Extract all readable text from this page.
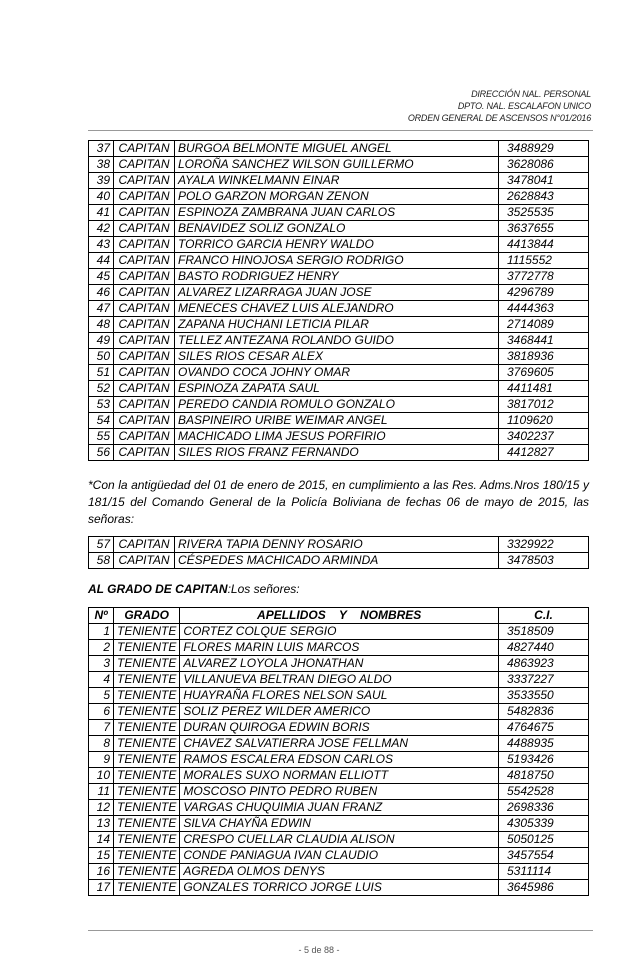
DIRECCIÓN NAL. PERSONAL
DPTO. NAL. ESCALAFON UNICO
ORDEN GENERAL DE ASCENSOS N°01/2016
37	CAPITAN	BURGOA BELMONTE MIGUEL ANGEL	3488929
38	CAPITAN	LOROÑA SANCHEZ WILSON GUILLERMO	3628086
39	CAPITAN	AYALA WINKELMANN EINAR	3478041
40	CAPITAN	POLO GARZON MORGAN ZENON	2628843
41	CAPITAN	ESPINOZA ZAMBRANA JUAN CARLOS	3525535
42	CAPITAN	BENAVIDEZ SOLIZ GONZALO	3637655
43	CAPITAN	TORRICO GARCIA HENRY WALDO	4413844
44	CAPITAN	FRANCO HINOJOSA SERGIO RODRIGO	1115552
45	CAPITAN	BASTO RODRIGUEZ HENRY	3772778
46	CAPITAN	ALVAREZ LIZARRAGA JUAN JOSE	4296789
47	CAPITAN	MENECES CHAVEZ LUIS ALEJANDRO	4444363
48	CAPITAN	ZAPANA HUCHANI LETICIA PILAR	2714089
49	CAPITAN	TELLEZ ANTEZANA ROLANDO GUIDO	3468441
50	CAPITAN	SILES RIOS CESAR ALEX	3818936
51	CAPITAN	OVANDO COCA JOHNY OMAR	3769605
52	CAPITAN	ESPINOZA ZAPATA SAUL	4411481
53	CAPITAN	PEREDO CANDIA ROMULO GONZALO	3817012
54	CAPITAN	BASPINEIRO URIBE WEIMAR ANGEL	1109620
55	CAPITAN	MACHICADO LIMA JESUS PORFIRIO	3402237
56	CAPITAN	SILES RIOS FRANZ FERNANDO	4412827
*Con la antigüedad del 01 de enero de 2015, en cumplimiento a las Res. Adms.Nros 180/15 y 181/15 del Comando General de la Policía Boliviana de fechas 06 de mayo de 2015, las señoras:
57	CAPITAN	RIVERA TAPIA DENNY ROSARIO	3329922
58	CAPITAN	CÉSPEDES MACHICADO ARMINDA	3478503
AL GRADO DE CAPITAN:Los señores:
Nº	GRADO	APELLIDOS    Y    NOMBRES	C.I.
1	TENIENTE	CORTEZ COLQUE SERGIO	3518509
2	TENIENTE	FLORES MARIN LUIS MARCOS	4827440
3	TENIENTE	ALVAREZ LOYOLA JHONATHAN	4863923
4	TENIENTE	VILLANUEVA BELTRAN DIEGO ALDO	3337227
5	TENIENTE	HUAYRAÑA FLORES NELSON SAUL	3533550
6	TENIENTE	SOLIZ PEREZ WILDER AMERICO	5482836
7	TENIENTE	DURAN QUIROGA EDWIN BORIS	4764675
8	TENIENTE	CHAVEZ SALVATIERRA JOSE FELLMAN	4488935
9	TENIENTE	RAMOS ESCALERA EDSON CARLOS	5193426
10	TENIENTE	MORALES SUXO NORMAN ELLIOTT	4818750
11	TENIENTE	MOSCOSO PINTO PEDRO RUBEN	5542528
12	TENIENTE	VARGAS CHUQUIMIA JUAN FRANZ	2698336
13	TENIENTE	SILVA CHAYÑA EDWIN	4305339
14	TENIENTE	CRESPO CUELLAR CLAUDIA ALISON	5050125
15	TENIENTE	CONDE PANIAGUA IVAN CLAUDIO	3457554
16	TENIENTE	AGREDA OLMOS DENYS	5311114
17	TENIENTE	GONZALES TORRICO JORGE LUIS	3645986
- 5 de 88 -
